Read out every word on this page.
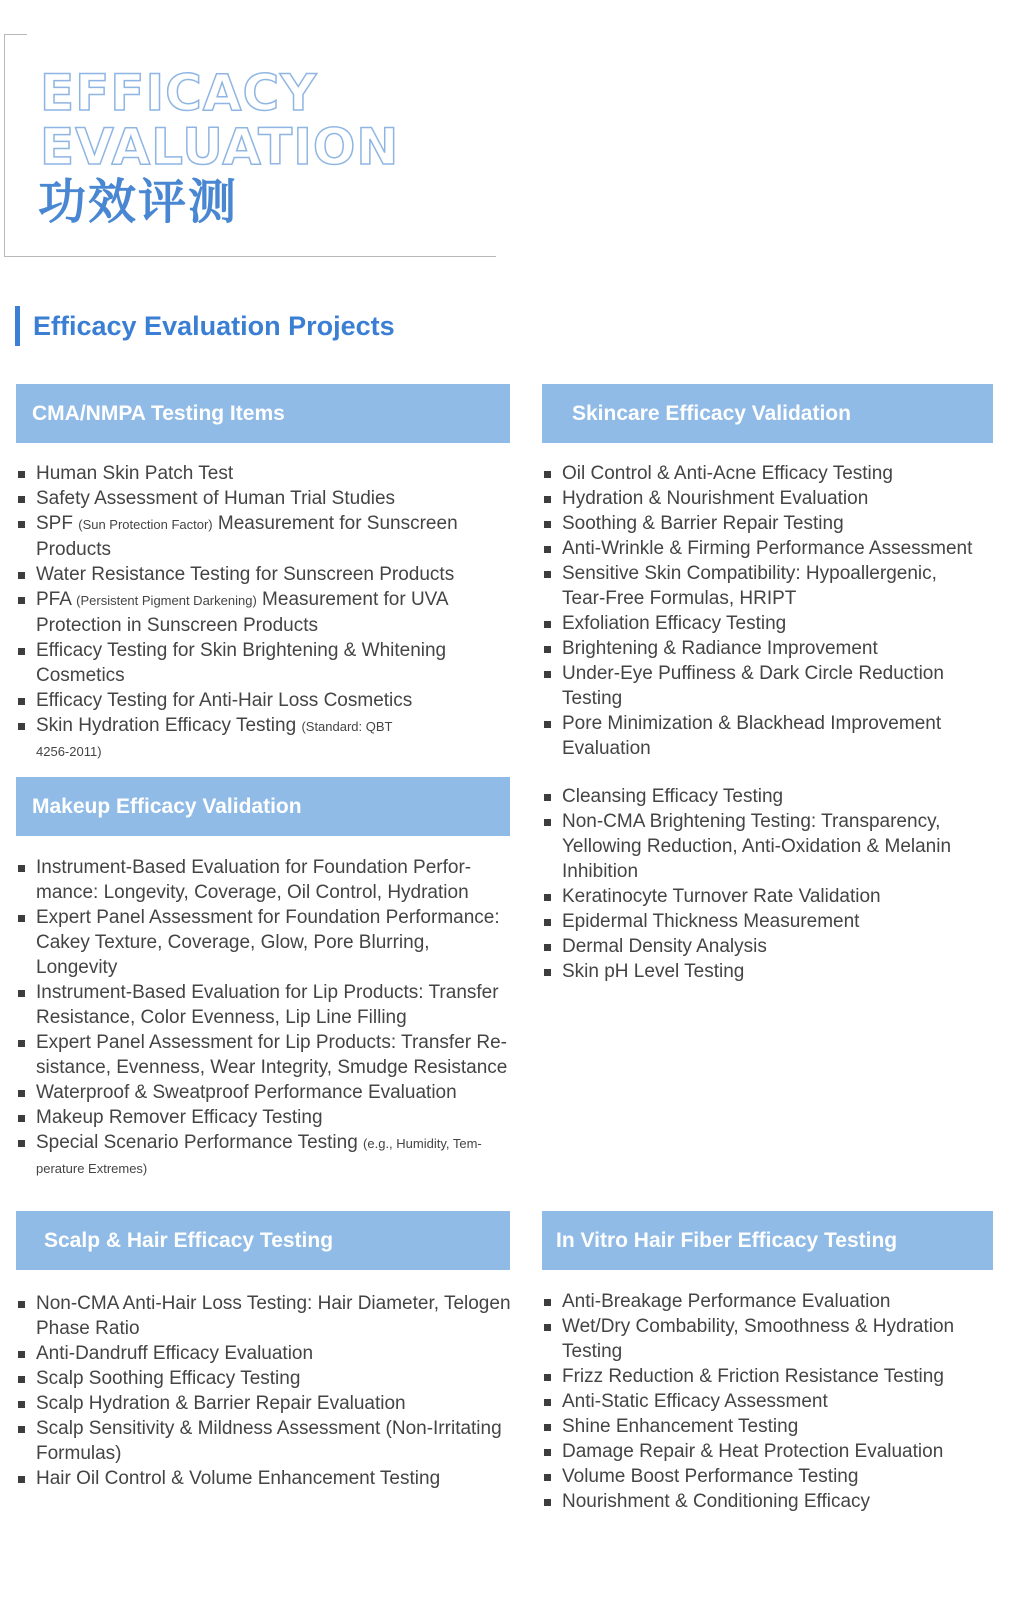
EFFICACY
EVALUATION
功效评测
Efficacy Evaluation Projects
CMA/NMPA Testing Items
Human Skin Patch Test
Safety Assessment of Human Trial Studies
SPF (Sun Protection Factor) Measurement for Sunscreen Products
Water Resistance Testing for Sunscreen Products
PFA (Persistent Pigment Darkening) Measurement for UVA Protection in Sunscreen Products
Efficacy Testing for Skin Brightening & Whitening Cosmetics
Efficacy Testing for Anti-Hair Loss Cosmetics
Skin Hydration Efficacy Testing (Standard: QBT
4256-2011)
Skincare Efficacy Validation
Oil Control & Anti-Acne Efficacy Testing
Hydration & Nourishment Evaluation
Soothing & Barrier Repair Testing
Anti-Wrinkle & Firming Performance Assessment
Sensitive Skin Compatibility: Hypoallergenic, Tear-Free Formulas, HRIPT
Exfoliation Efficacy Testing
Brightening & Radiance Improvement
Under-Eye Puffiness & Dark Circle Reduction Testing
Pore Minimization & Blackhead Improvement Evaluation
Cleansing Efficacy Testing
Non-CMA Brightening Testing: Transparency, Yellowing Reduction, Anti-Oxidation & Melanin Inhibition
Keratinocyte Turnover Rate Validation
Epidermal Thickness Measurement
Dermal Density Analysis
Skin pH Level Testing
Makeup Efficacy Validation
Instrument-Based Evaluation for Foundation Perfor-mance: Longevity, Coverage, Oil Control, Hydration
Expert Panel Assessment for Foundation Performance: Cakey Texture, Coverage, Glow, Pore Blurring, Longevity
Instrument-Based Evaluation for Lip Products: Transfer Resistance, Color Evenness, Lip Line Filling
Expert Panel Assessment for Lip Products: Transfer Re-sistance, Evenness, Wear Integrity, Smudge Resistance
Waterproof & Sweatproof Performance Evaluation
Makeup Remover Efficacy Testing
Special Scenario Performance Testing (e.g., Humidity, Tem-
perature Extremes)
Scalp & Hair Efficacy Testing
Non-CMA Anti-Hair Loss Testing: Hair Diameter, Telogen Phase Ratio
Anti-Dandruff Efficacy Evaluation
Scalp Soothing Efficacy Testing
Scalp Hydration & Barrier Repair Evaluation
Scalp Sensitivity & Mildness Assessment (Non-Irritating Formulas)
Hair Oil Control & Volume Enhancement Testing
In Vitro Hair Fiber Efficacy Testing
Anti-Breakage Performance Evaluation
Wet/Dry Combability, Smoothness & Hydration Testing
Frizz Reduction & Friction Resistance Testing
Anti-Static Efficacy Assessment
Shine Enhancement Testing
Damage Repair & Heat Protection Evaluation
Volume Boost Performance Testing
Nourishment & Conditioning Efficacy
